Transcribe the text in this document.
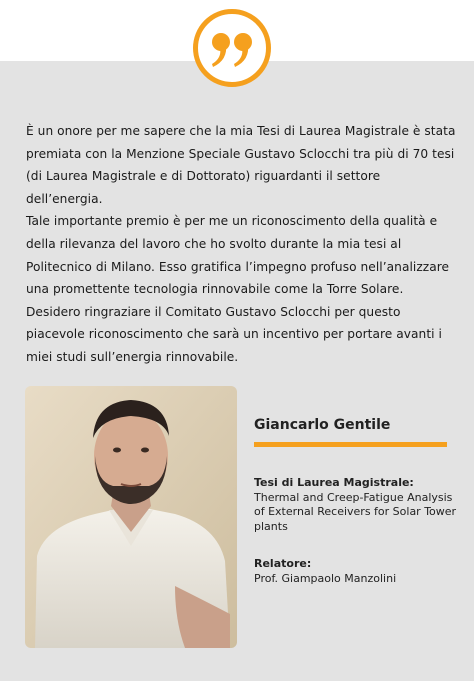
È un onore per me sapere che la mia Tesi di Laurea Magistrale è stata premiata con la Menzione Speciale Gustavo Sclocchi tra più di 70 tesi (di Laurea Magistrale e di Dottorato) riguardanti il settore dell’energia.

Tale importante premio è per me un riconoscimento della qualità e della rilevanza del lavoro che ho svolto durante la mia tesi al Politecnico di Milano. Esso gratifica l’impegno profuso nell’analizzare una promettente tecnologia rinnovabile come la Torre Solare.

Desidero ringraziare il Comitato Gustavo Sclocchi per questo piacevole riconoscimento che sarà un incentivo per portare avanti i miei studi sull’energia rinnovabile.

Giancarlo Gentile
Tesi di Laurea Magistrale:
Thermal and Creep-Fatigue Analysis of External Receivers for Solar Tower plants
Relatore:
Prof. Giampaolo Manzolini
